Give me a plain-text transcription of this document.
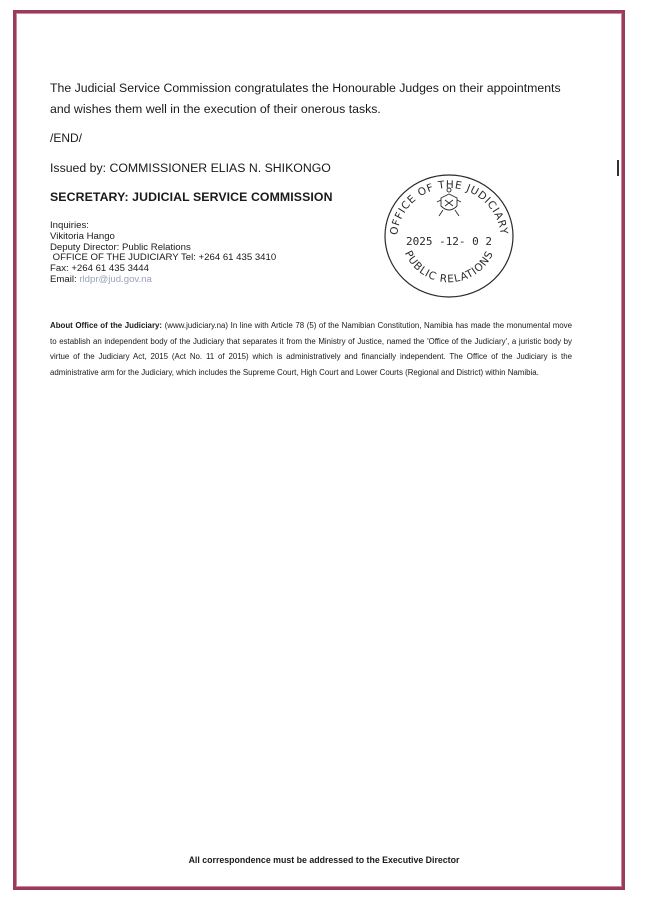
The Judicial Service Commission congratulates the Honourable Judges on their appointments and wishes them well in the execution of their onerous tasks.
/END/
Issued by: COMMISSIONER ELIAS N. SHIKONGO
SECRETARY: JUDICIAL SERVICE COMMISSION
Inquiries:
Vikitoria Hango
Deputy Director: Public Relations
OFFICE OF THE JUDICIARY Tel: +264 61 435 3410
Fax: +264 61 435 3444
Email: rldpr@jud.gov.na
OFFICE OF THE JUDICIARY
PUBLIC RELATIONS
2025 -12- 0 2
About Office of the Judiciary: (www.judiciary.na) In line with Article 78 (5) of the Namibian Constitution, Namibia has made the monumental move to establish an independent body of the Judiciary that separates it from the Ministry of Justice, named the 'Office of the Judiciary', a juristic body by virtue of the Judiciary Act, 2015 (Act No. 11 of 2015) which is administratively and financially independent. The Office of the Judiciary is the administrative arm for the Judiciary, which includes the Supreme Court, High Court and Lower Courts (Regional and District) within Namibia.
All correspondence must be addressed to the Executive Director
